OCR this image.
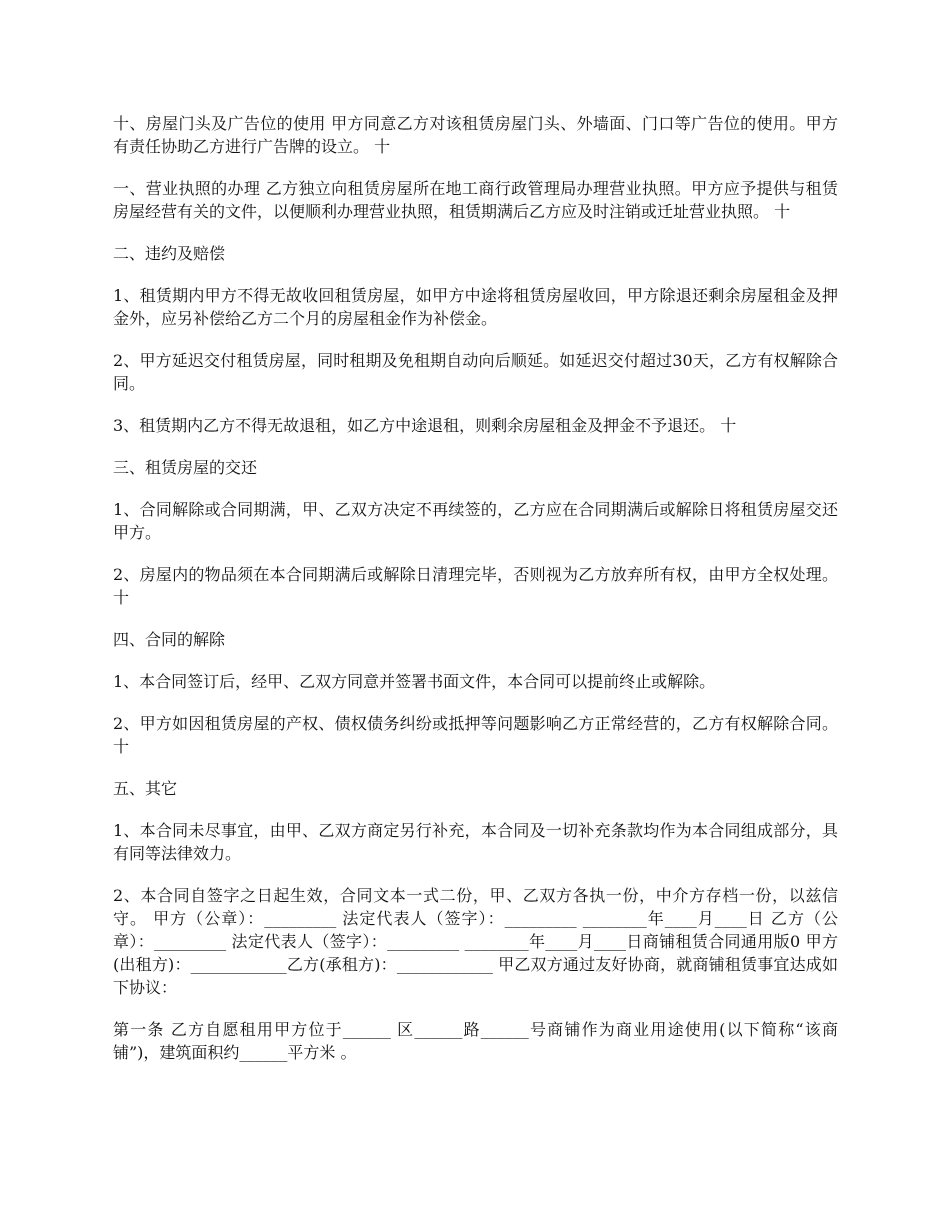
十、房屋门头及广告位的使用 甲方同意乙方对该租赁房屋门头、外墙面、门口等广告位的使用。甲方有责任协助乙方进行广告牌的设立。 十

一、营业执照的办理 乙方独立向租赁房屋所在地工商行政管理局办理营业执照。甲方应予提供与租赁房屋经营有关的文件，以便顺利办理营业执照，租赁期满后乙方应及时注销或迁址营业执照。 十

二、违约及赔偿

1、租赁期内甲方不得无故收回租赁房屋，如甲方中途将租赁房屋收回，甲方除退还剩余房屋租金及押金外，应另补偿给乙方二个月的房屋租金作为补偿金。

2、甲方延迟交付租赁房屋，同时租期及免租期自动向后顺延。如延迟交付超过30天，乙方有权解除合同。

3、租赁期内乙方不得无故退租，如乙方中途退租，则剩余房屋租金及押金不予退还。 十

三、租赁房屋的交还

1、合同解除或合同期满，甲、乙双方决定不再续签的，乙方应在合同期满后或解除日将租赁房屋交还甲方。

2、房屋内的物品须在本合同期满后或解除日清理完毕，否则视为乙方放弃所有权，由甲方全权处理。 十

四、合同的解除

1、本合同签订后，经甲、乙双方同意并签署书面文件，本合同可以提前终止或解除。

2、甲方如因租赁房屋的产权、债权债务纠纷或抵押等问题影响乙方正常经营的，乙方有权解除合同。 十

五、其它

1、本合同未尽事宜，由甲、乙双方商定另行补充，本合同及一切补充条款均作为本合同组成部分，具有同等法律效力。

2、本合同自签字之日起生效，合同文本一式二份，甲、乙双方各执一份，中介方存档一份，以兹信守。 甲方（公章）：_________ 法定代表人（签字）：_________ ________年____月____日 乙方（公章）：_________ 法定代表人（签字）：_________ ________年____月____日商铺租赁合同通用版0 甲方(出租方)：____________乙方(承租方)：____________ 甲乙双方通过友好协商，就商铺租赁事宜达成如下协议：

第一条 乙方自愿租用甲方位于______ 区______路______号商铺作为商业用途使用(以下简称“该商铺”)，建筑面积约______平方米 。
